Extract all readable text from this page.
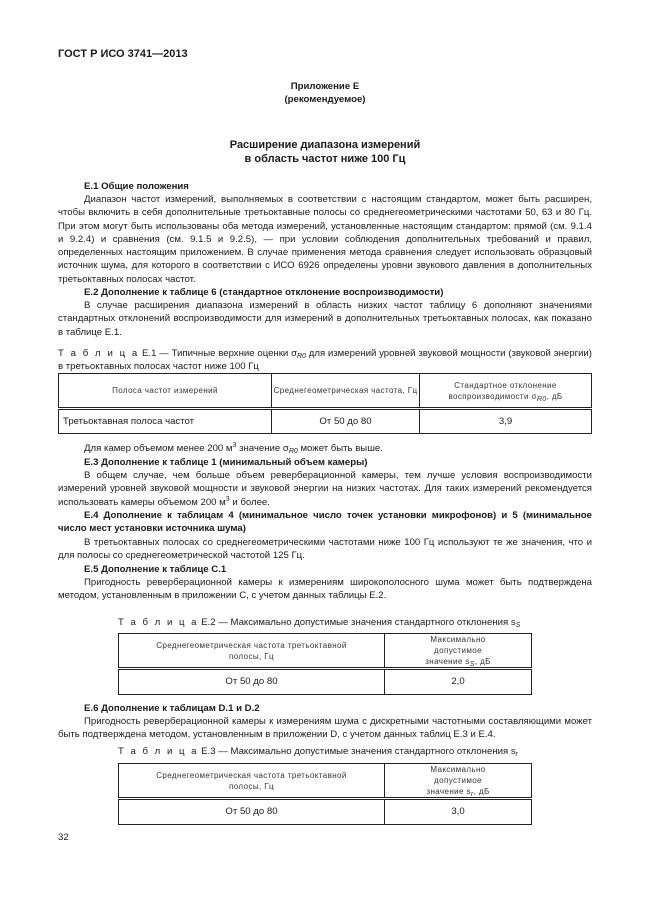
ГОСТ Р ИСО 3741—2013
Приложение Е
(рекомендуемое)
Расширение диапазона измерений
в область частот ниже 100 Гц
Е.1 Общие положения
Диапазон частот измерений, выполняемых в соответствии с настоящим стандартом, может быть расширен, чтобы включить в себя дополнительные третьоктавные полосы со среднегеометрическими частотами 50, 63 и 80 Гц. При этом могут быть использованы оба метода измерений, установленные настоящим стандартом: прямой (см. 9.1.4 и 9.2.4) и сравнения (см. 9.1.5 и 9.2.5), — при условии соблюдения дополнительных требований и правил, определенных настоящим приложением. В случае применения метода сравнения следует использовать образцовый источник шума, для которого в соответствии с ИСО 6926 определены уровни звукового давления в дополнительных третьоктавных полосах частот.
Е.2 Дополнение к таблице 6 (стандартное отклонение воспроизводимости)
В случае расширения диапазона измерений в область низких частот таблицу 6 дополняют значениями стандартных отклонений воспроизводимости для измерений в дополнительных третьоктавных полосах, как показано в таблице Е.1.
Т а б л и ц а Е.1 — Типичные верхние оценки $\sigma_{R0}$ для измерений уровней звуковой мощности (звуковой энергии) в третьоктавных полосах частот ниже 100 Гц
Полоса частот измерений	Среднегеометрическая частота, Гц	Стандартное отклонение воспроизводимости $\sigma_{R0}$, дБ
Третьоктавная полоса частот	От 50 до 80	3,9
Для камер объемом менее 200 $м^3$ значение $\sigma_{R0}$ может быть выше.
Е.3 Дополнение к таблице 1 (минимальный объем камеры)
В общем случае, чем больше объем реверберационной камеры, тем лучше условия воспроизводимости измерений уровней звуковой мощности и звуковой энергии на низких частотах. Для таких измерений рекомендуется использовать камеры объемом 200 $м^3$ и более.
Е.4 Дополнение к таблицам 4 (минимальное число точек установки микрофонов) и 5 (минимальное число мест установки источника шума)
В третьоктавных полосах со среднегеометрическими частотами ниже 100 Гц используют те же значения, что и для полосы со среднегеометрической частотой 125 Гц.
Е.5 Дополнение к таблице С.1
Пригодность реверберационной камеры к измерениям широкополосного шума может быть подтверждена методом, установленным в приложении С, с учетом данных таблицы Е.2.
Т а б л и ц а Е.2 — Максимально допустимые значения стандартного отклонения $s_S$
Среднегеометрическая частота третьоктавной полосы, Гц	Максимально допустимое значение $s_S$, дБ
От 50 до 80	2,0
Е.6 Дополнение к таблицам D.1 и D.2
Пригодность реверберационной камеры к измерениям шума с дискретными частотными составляющими может быть подтверждена методом, установленным в приложении D, с учетом данных таблиц Е.3 и Е.4.
Т а б л и ц а Е.3 — Максимально допустимые значения стандартного отклонения $s_r$
Среднегеометрическая частота третьоктавной полосы, Гц	Максимально допустимое значение $s_r$, дБ
От 50 до 80	3,0
32
